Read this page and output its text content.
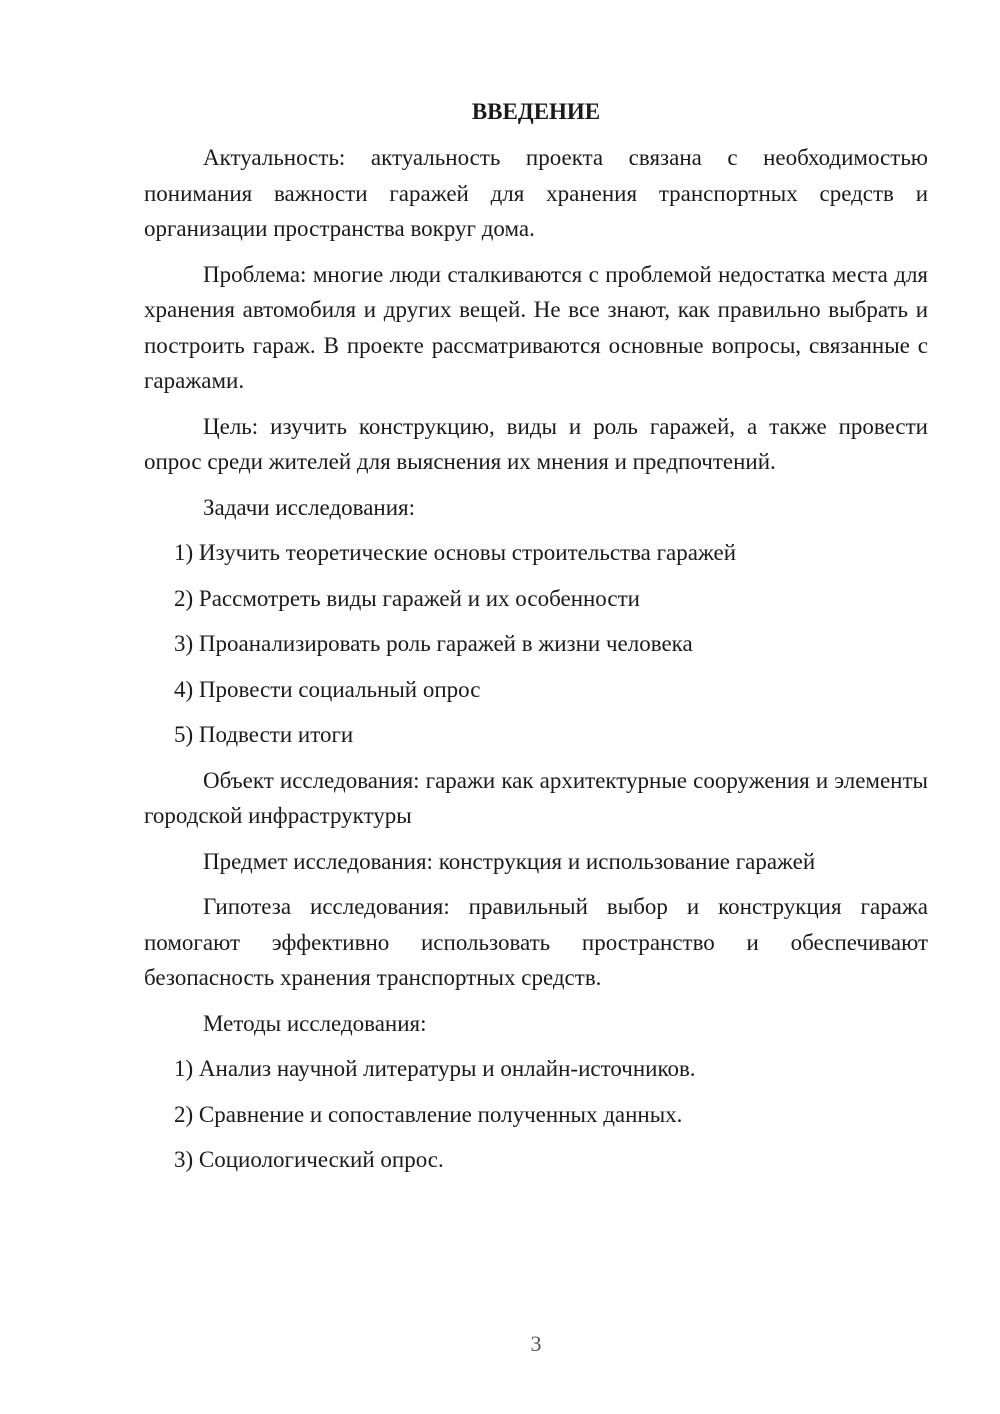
ВВЕДЕНИЕ

Актуальность: актуальность проекта связана с необходимостью понимания важности гаражей для хранения транспортных средств и организации пространства вокруг дома.

Проблема: многие люди сталкиваются с проблемой недостатка места для хранения автомобиля и других вещей. Не все знают, как правильно выбрать и построить гараж. В проекте рассматриваются основные вопросы, связанные с гаражами.

Цель: изучить конструкцию, виды и роль гаражей, а также провести опрос среди жителей для выяснения их мнения и предпочтений.

Задачи исследования:

1) Изучить теоретические основы строительства гаражей

2) Рассмотреть виды гаражей и их особенности

3) Проанализировать роль гаражей в жизни человека

4) Провести социальный опрос

5) Подвести итоги

Объект исследования: гаражи как архитектурные сооружения и элементы городской инфраструктуры

Предмет исследования: конструкция и использование гаражей

Гипотеза исследования: правильный выбор и конструкция гаража помогают эффективно использовать пространство и обеспечивают безопасность хранения транспортных средств.

Методы исследования:

1) Анализ научной литературы и онлайн-источников.

2) Сравнение и сопоставление полученных данных.

3) Социологический опрос.

3
